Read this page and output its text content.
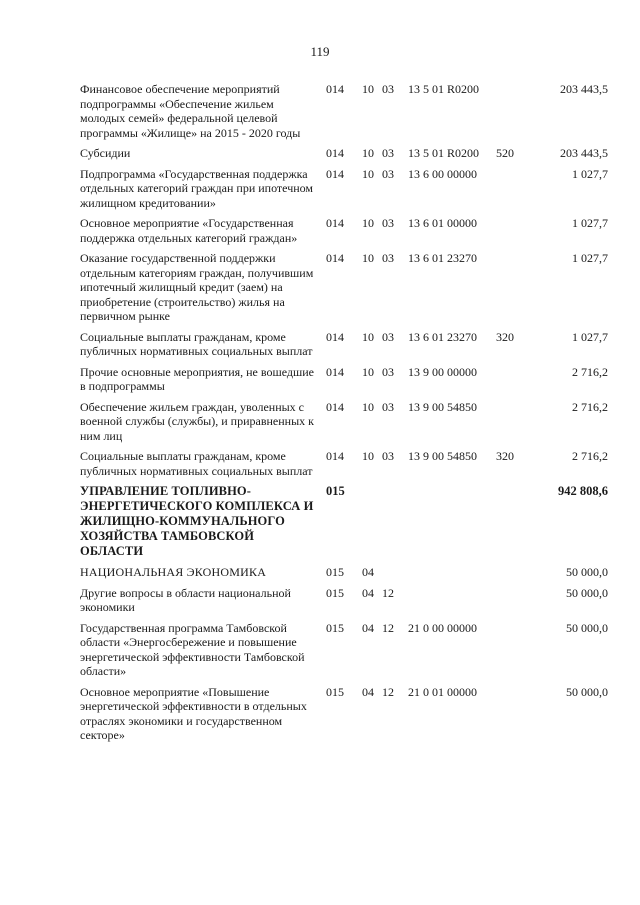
119
Финансовое обеспечение мероприятий подпрограммы «Обеспечение жильем молодых семей» федеральной целевой программы «Жилище» на 2015 - 2020 годы	014	10	03	13 5 01 R0200		203 443,5
Субсидии	014	10	03	13 5 01 R0200	520	203 443,5
Подпрограмма «Государственная поддержка отдельных категорий граждан при ипотечном жилищном кредитовании»	014	10	03	13 6 00 00000		1 027,7
Основное мероприятие «Государственная поддержка отдельных категорий граждан»	014	10	03	13 6 01 00000		1 027,7
Оказание государственной поддержки отдельным категориям граждан, получившим ипотечный жилищный кредит (заем) на приобретение (строительство) жилья на первичном рынке	014	10	03	13 6 01 23270		1 027,7
Социальные выплаты гражданам, кроме публичных нормативных социальных выплат	014	10	03	13 6 01 23270	320	1 027,7
Прочие основные мероприятия, не вошедшие в подпрограммы	014	10	03	13 9 00 00000		2 716,2
Обеспечение жильем граждан, уволенных с военной службы (службы), и приравненных к ним лиц	014	10	03	13 9 00 54850		2 716,2
Социальные выплаты гражданам, кроме публичных нормативных социальных выплат	014	10	03	13 9 00 54850	320	2 716,2
УПРАВЛЕНИЕ ТОПЛИВНО-ЭНЕРГЕТИЧЕСКОГО КОМПЛЕКСА И ЖИЛИЩНО-КОММУНАЛЬНОГО ХОЗЯЙСТВА ТАМБОВСКОЙ ОБЛАСТИ	015					942 808,6
НАЦИОНАЛЬНАЯ ЭКОНОМИКА	015	04				50 000,0
Другие вопросы в области национальной экономики	015	04	12			50 000,0
Государственная программа Тамбовской области «Энергосбережение и повышение энергетической эффективности Тамбовской области»	015	04	12	21 0 00 00000		50 000,0
Основное мероприятие «Повышение энергетической эффективности в отдельных отраслях экономики и государственном секторе»	015	04	12	21 0 01 00000		50 000,0
